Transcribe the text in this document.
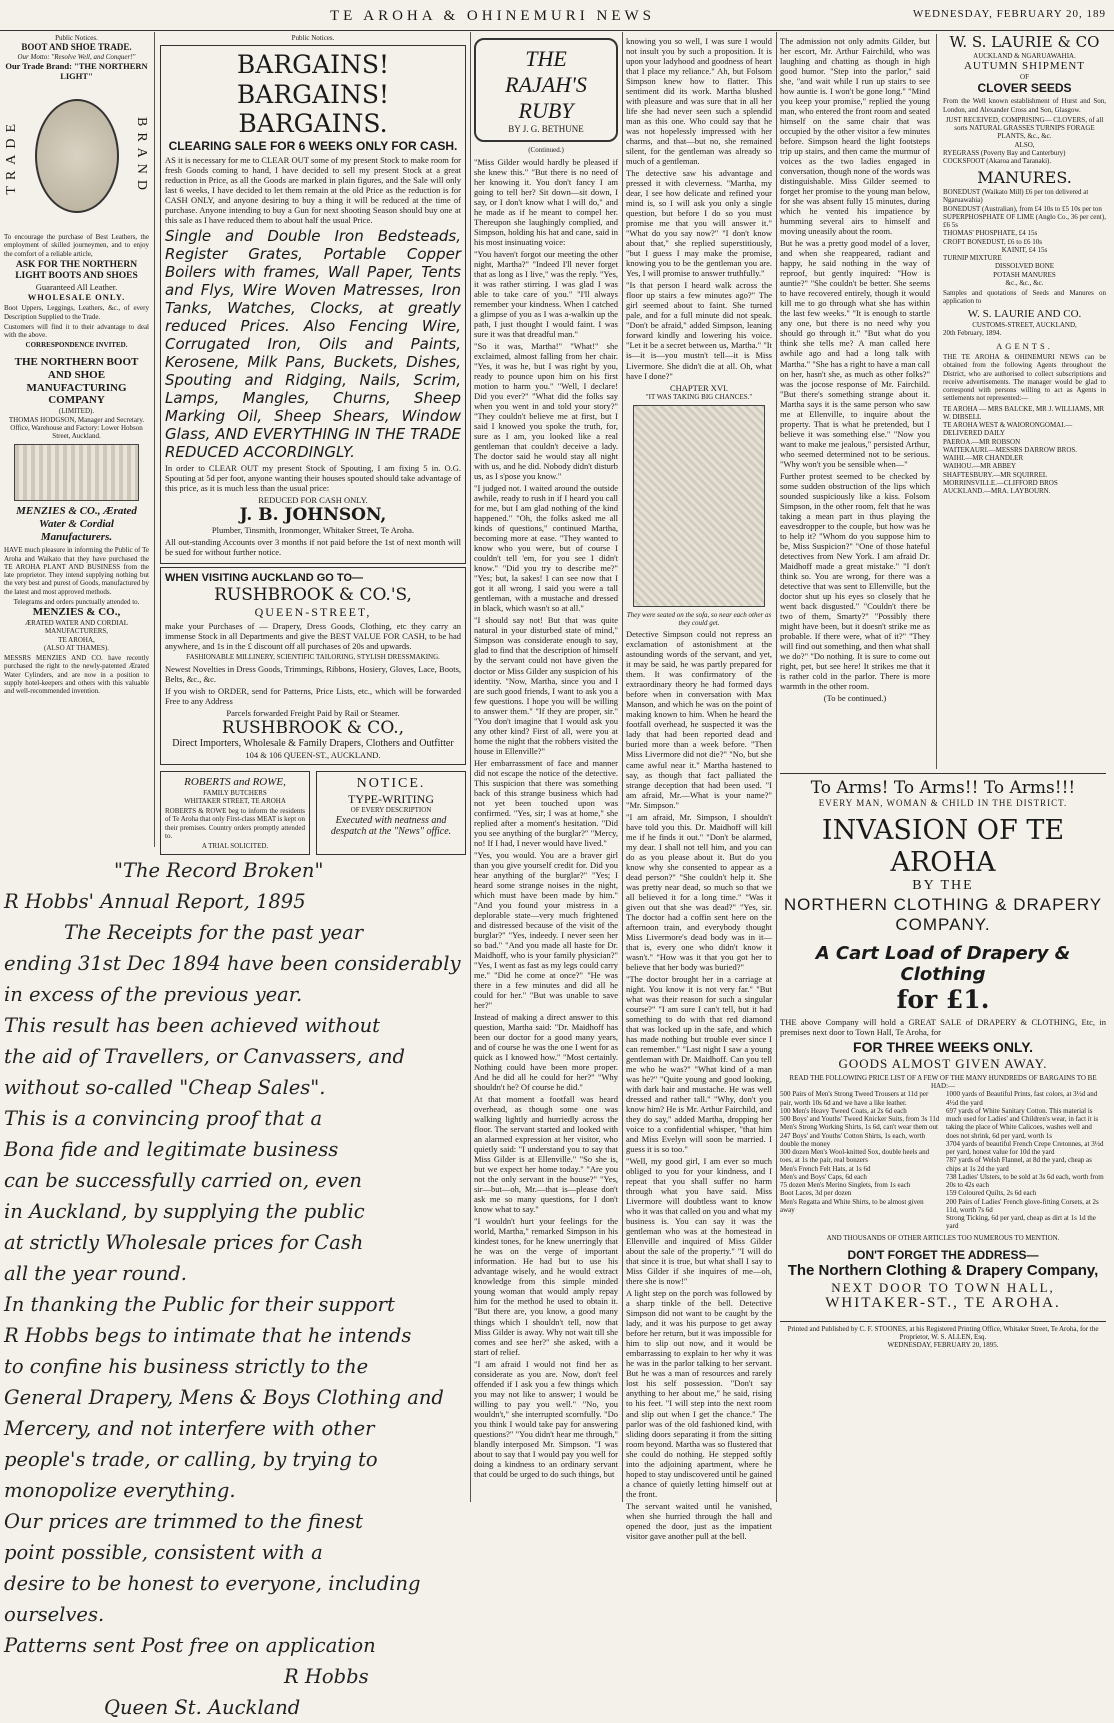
TE AROHA & OHINEMURI NEWS	WEDNESDAY, FEBRUARY 20, 189
Public Notices.
BOOT AND SHOE TRADE.
Our Motto: "Resolve Well, and Conquer!"
Our Trade Brand: "THE NORTHERN LIGHT"
TRADE	BRAND

To encourage the purchase of Best Leathers, the employment of skilled journeymen, and to enjoy the comfort of a reliable article,

ASK FOR THE NORTHERN LIGHT BOOTS AND SHOES
Guaranteed All Leather.
WHOLESALE ONLY.

Boot Uppers, Leggings, Leathers, &c., of every Description Supplied to the Trade.

Customers will find it to their advantage to deal with the above.

CORRESPONDENCE INVITED.
THE NORTHERN BOOT AND SHOE MANUFACTURING COMPANY
(LIMITED).
THOMAS HODGSON, Manager and Secretary.
Office, Warehouse and Factory: Lower Hobson Street, Auckland.
MENZIES & CO., Ærated Water & Cordial Manufacturers.

HAVE much pleasure in informing the Public of Te Aroha and Waikato that they have purchased the TE AROHA PLANT AND BUSINESS from the late proprietor. They intend supplying nothing but the very best and purest of Goods, manufactured by the latest and most approved methods.

Telegrams and orders punctually attended to.
MENZIES & CO.,
ÆRATED WATER AND CORDIAL MANUFACTURERS,
TE AROHA,
(ALSO AT THAMES).

MESSRS MENZIES AND CO. have recently purchased the right to the newly-patented Ærated Water Cylinders, and are now in a position to supply hotel-keepers and others with this valuable and well-recommended invention.

Public Notices.
BARGAINS! BARGAINS!
BARGAINS.
CLEARING SALE FOR 6 WEEKS ONLY FOR CASH.

AS it is necessary for me to CLEAR OUT some of my present Stock to make room for fresh Goods coming to hand, I have decided to sell my present Stock at a great reduction in Price, as all the Goods are marked in plain figures, and the Sale will only last 6 weeks, I have decided to let them remain at the old Price as the reduction is for CASH ONLY, and anyone desiring to buy a thing it will be reduced at the time of purchase. Anyone intending to buy a Gun for next shooting Season should buy one at this sale as I have reduced them to about half the usual Price.

Single and Double Iron Bedsteads, Register Grates, Portable Copper Boilers with frames, Wall Paper, Tents and Flys, Wire Woven Matresses, Iron Tanks, Watches, Clocks, at greatly reduced Prices. Also Fencing Wire, Corrugated Iron, Oils and Paints, Kerosene, Milk Pans, Buckets, Dishes, Spouting and Ridging, Nails, Scrim, Lamps, Mangles, Churns, Sheep Marking Oil, Sheep Shears, Window Glass, AND EVERYTHING IN THE TRADE REDUCED ACCORDINGLY.

In order to CLEAR OUT my present Stock of Spouting, I am fixing 5 in. O.G. Spouting at 5d per foot, anyone wanting their houses spouted should take advantage of this price, as it is much less than the usual price:

REDUCED FOR CASH ONLY.
J. B. JOHNSON,
Plumber, Tinsmith, Ironmonger, Whitaker Street, Te Aroha.

All out-standing Accounts over 3 months if not paid before the 1st of next month will be sued for without further notice.

WHEN VISITING AUCKLAND GO TO—
RUSHBROOK & CO.'S,
QUEEN-STREET,

make your Purchases of — Drapery, Dress Goods, Clothing, etc they carry an immense Stock in all Departments and give the BEST VALUE FOR CASH, to be had anywhere, and 1s in the £ discount off all purchases of 20s and upwards.

FASHIONABLE MILLINERY, SCIENTIFIC TAILORING, STYLISH DRESSMAKING.

Newest Novelties in Dress Goods, Trimmings, Ribbons, Hosiery, Gloves, Lace, Boots, Belts, &c., &c.

If you wish to ORDER, send for Patterns, Price Lists, etc., which will be forwarded Free to any Address

Parcels forwarded Freight Paid by Rail or Steamer.
RUSHBROOK & CO.,
Direct Importers, Wholesale & Family Drapers, Clothers and Outfitter
104 & 106 QUEEN-ST., AUCKLAND.
ROBERTS and ROWE,
FAMILY BUTCHERS
WHITAKER STREET, TE AROHA

ROBERTS & ROWE beg to inform the residents of Te Aroha that only First-class MEAT is kept on their premises. Country orders promptly attended to.

A TRIAL SOLICITED.
NOTICE.
TYPE-WRITING
OF EVERY DESCRIPTION
Executed with neatness and despatch at the "News" office.
"The Record Broken"
R Hobbs' Annual Report, 1895
The Receipts for the past year
ending 31st Dec 1894 have been considerably
in excess of the previous year.
This result has been achieved without
the aid of Travellers, or Canvassers, and
without so-called "Cheap Sales".
This is a convincing proof that a
Bona fide and legitimate business
can be successfully carried on, even
in Auckland, by supplying the public
at strictly Wholesale prices for Cash
all the year round.
In thanking the Public for their support
R Hobbs begs to intimate that he intends
to confine his business strictly to the
General Drapery, Mens & Boys Clothing and
Mercery, and not interfere with other
people's trade, or calling, by trying to
monopolize everything.
Our prices are trimmed to the finest
point possible, consistent with a
desire to be honest to everyone, including
ourselves.
Patterns sent Post free on application
R Hobbs
Queen St. Auckland
THE RAJAH'S RUBY
BY J. G. BETHUNE
(Continued.)

"Miss Gilder would hardly be pleased if she knew this." "But there is no need of her knowing it. You don't fancy I am going to tell her? Sit down—sit down, I say, or I don't know what I will do," and he made as if he meant to compel her. Thereupon she laughingly complied, and Simpson, holding his hat and cane, said in his most insinuating voice:

"You haven't forgot our meeting the other night, Martha?" "Indeed I'll never forget that as long as I live," was the reply. "Yes, it was rather stirring. I was glad I was able to take care of you." "I'll always remember your kindness. When I catched a glimpse of you as I was a-walkin up the path, I just thought I would faint. I was sure it was that dreadful man."

"So it was, Martha!" "What!" she exclaimed, almost falling from her chair. "Yes, it was he, but I was right by you, ready to pounce upon him on his first motion to harm you." "Well, I declare! Did you ever?" "What did the folks say when you went in and told your story?" "They couldn't believe me at first, but I said I knowed you spoke the truth, for, sure as I am, you looked like a real gentleman that couldn't deceive a lady. The doctor said he would stay all night with us, and he did. Nobody didn't disturb us, as I s'pose you know."

"I judged not. I waited around the outside awhile, ready to rush in if I heard you call for me, but I am glad nothing of the kind happened." "Oh, the folks asked me all kinds of questions," continued Martha, becoming more at ease. "They wanted to know who you were, but of course I couldn't tell 'em, for you see I didn't know." "Did you try to describe me?" "Yes; but, la sakes! I can see now that I got it all wrong. I said you were a tall gentleman, with a mustache and dressed in black, which wasn't so at all."

"I should say not! But that was quite natural in your disturbed state of mind," Simpson was considerate enough to say, glad to find that the description of himself by the servant could not have given the doctor or Miss Gilder any suspicion of his identity. "Now, Martha, since you and I are such good friends, I want to ask you a few questions. I hope you will be willing to answer them." "If they are proper, sir." "You don't imagine that I would ask you any other kind? First of all, were you at home the night that the robbers visited the house in Ellenville?"

Her embarrassment of face and manner did not escape the notice of the detective. This suspicion that there was something back of this strange business which had not yet been touched upon was confirmed. "Yes, sir; I was at home," she replied after a moment's hesitation. "Did you see anything of the burglar?" "Mercy, no! If I had, I never would have lived."

"Yes, you would. You are a braver girl than you give yourself credit for. Did you hear anything of the burglar?" "Yes; I heard some strange noises in the night, which must have been made by him." "And you found your mistress in a deplorable state—very much frightened and distressed because of the visit of the burglar?" "Yes, indeedy. I never seen her so bad." "And you made all haste for Dr. Maidhoff, who is your family physician?" "Yes, I went as fast as my legs could carry me." "Did he come at once?" "He was there in a few minutes and did all he could for her." "But was unable to save her?"

Instead of making a direct answer to this question, Martha said: "Dr. Maidhoff has been our doctor for a good many years, and of course he was the one I went for as quick as I knowed how." "Most certainly. Nothing could have been more proper. And he did all he could for her?" "Why shouldn't he? Of course he did."

At that moment a footfall was heard overhead, as though some one was walking lightly and hurriedly across the floor. The servant started and looked with an alarmed expression at her visitor, who quietly said: "I understand you to say that Miss Gilder is at Ellenville." "So she is, but we expect her home today." "Are you not the only servant in the house?" "Yes, sir—but—oh, Mr.—that is—please don't ask me so many questions, for I don't know what to say."

"I wouldn't hurt your feelings for the world, Martha," remarked Simpson in his kindest tones, for he knew unerringly that he was on the verge of important information. He had but to use his advantage wisely, and he would extract knowledge from this simple minded young woman that would amply repay him for the method he used to obtain it. "But there are, you know, a good many things which I shouldn't tell, now that Miss Gilder is away. Why not wait till she comes and see her?" she asked, with a start of relief.

"I am afraid I would not find her as considerate as you are. Now, don't feel offended if I ask you a few things which you may not like to answer; I would be willing to pay you well." "No, you wouldn't," she interrupted scornfully. "Do you think I would take pay for answering questions?" "You didn't hear me through," blandly interposed Mr. Simpson. "I was about to say that I would pay you well for doing a kindness to an ordinary servant that could be urged to do such things, but

knowing you so well, I was sure I would not insult you by such a proposition. It is upon your ladyhood and goodness of heart that I place my reliance." Ah, but Folsom Simpson knew how to flatter. This sentiment did its work. Martha blushed with pleasure and was sure that in all her life she had never seen such a splendid man as this one. Who could say that he was not hopelessly impressed with her charms, and that—but no, she remained silent, for the gentleman was already so much of a gentleman.

The detective saw his advantage and pressed it with cleverness. "Martha, my dear, I see how delicate and refined your mind is, so I will ask you only a single question, but before I do so you must promise me that you will answer it." "What do you say now?" "I don't know about that," she replied superstitiously, "but I guess I may make the promise, knowing you to be the gentleman you are. Yes, I will promise to answer truthfully."

"Is that person I heard walk across the floor up stairs a few minutes ago?" The girl seemed about to faint. She turned pale, and for a full minute did not speak. "Don't be afraid," added Simpson, leaning forward kindly and lowering his voice. "Let it be a secret between us, Martha." "It is—it is—you mustn't tell—it is Miss Livermore. She didn't die at all. Oh, what have I done?"

CHAPTER XVI.
"IT WAS TAKING BIG CHANCES."
They were seated on the sofa, so near each other as they could get.

Detective Simpson could not repress an exclamation of astonishment at the astounding words of the servant, and yet, it may be said, he was partly prepared for them. It was confirmatory of the extraordinary theory he had formed days before when in conversation with Max Manson, and which he was on the point of making known to him. When he heard the footfall overhead, he suspected it was the lady that had been reported dead and buried more than a week before. "Then Miss Livermore did not die?" "No, but she came awful near it." Martha hastened to say, as though that fact palliated the strange deception that had been used. "I am afraid, Mr.—What is your name?" "Mr. Simpson."

"I am afraid, Mr. Simpson, I shouldn't have told you this. Dr. Maidhoff will kill me if he finds it out." "Don't be alarmed, my dear. I shall not tell him, and you can do as you please about it. But do you know why she consented to appear as a dead person?" "She couldn't help it. She was pretty near dead, so much so that we all believed it for a long time." "Was it given out that she was dead?" "Yes, sir. The doctor had a coffin sent here on the afternoon train, and everybody thought Miss Livermore's dead body was in it—that is, every one who didn't know it wasn't." "How was it that you got her to believe that her body was buried?"

"The doctor brought her in a carriage at night. You know it is not very far." "But what was their reason for such a singular course?" "I am sure I can't tell, but it had something to do with that red diamond that was locked up in the safe, and which has made nothing but trouble ever since I can remember." "Last night I saw a young gentleman with Dr. Maidhoff. Can you tell me who he was?" "What kind of a man was he?" "Quite young and good looking, with dark hair and mustache. He was well dressed and rather tall." "Why, don't you know him? He is Mr. Arthur Fairchild, and they do say," added Martha, dropping her voice to a confidential whisper, "that him and Miss Evelyn will soon be married. I guess it is so too."

"Well, my good girl, I am ever so much obliged to you for your kindness, and I repeat that you shall suffer no harm through what you have said. Miss Livermore will doubtless want to know who it was that called on you and what my business is. You can say it was the gentleman who was at the homestead in Ellenville and inquired of Miss Gilder about the sale of the property." "I will do that since it is true, but what shall I say to Miss Gilder if she inquires of me—oh, there she is now!"

A light step on the porch was followed by a sharp tinkle of the bell. Detective Simpson did not want to be caught by the lady, and it was his purpose to get away before her return, but it was impossible for him to slip out now, and it would be embarrassing to explain to her why it was he was in the parlor talking to her servant. But he was a man of resources and rarely lost his self possession. "Don't say anything to her about me," he said, rising to his feet. "I will step into the next room and slip out when I get the chance." The parlor was of the old fashioned kind, with sliding doors separating it from the sitting room beyond. Martha was so flustered that she could do nothing. He stepped softly into the adjoining apartment, where he hoped to stay undiscovered until he gained a chance of quietly letting himself out at the front.

The servant waited until he vanished, when she hurried through the hall and opened the door, just as the impatient visitor gave another pull at the bell.

The admission not only admits Gilder, but her escort, Mr. Arthur Fairchild, who was laughing and chatting as though in high good humor. "Step into the parlor," said she, "and wait while I run up stairs to see how auntie is. I won't be gone long." "Mind you keep your promise," replied the young man, who entered the front room and seated himself on the same chair that was occupied by the other visitor a few minutes before. Simpson heard the light footsteps trip up stairs, and then came the murmur of voices as the two ladies engaged in conversation, though none of the words was distinguishable. Miss Gilder seemed to forget her promise to the young man below, for she was absent fully 15 minutes, during which he vented his impatience by humming several airs to himself and moving uneasily about the room.

But he was a pretty good model of a lover, and when she reappeared, radiant and happy, he said nothing in the way of reproof, but gently inquired: "How is auntie?" "She couldn't be better. She seems to have recovered entirely, though it would kill me to go through what she has within the last few weeks." "It is enough to startle any one, but there is no need why you should go through it." "But what do you think she tells me? A man called here awhile ago and had a long talk with Martha." "She has a right to have a man call on her, hasn't she, as much as other folks?" was the jocose response of Mr. Fairchild. "But there's something strange about it. Martha says it is the same person who saw me at Ellenville, to inquire about the property. That is what he pretended, but I believe it was something else." "Now you want to make me jealous," persisted Arthur, who seemed determined not to be serious. "Why won't you be sensible when—"

Further protest seemed to be checked by some sudden obstruction of the lips which sounded suspiciously like a kiss. Folsom Simpson, in the other room, felt that he was taking a mean part in thus playing the eavesdropper to the couple, but how was he to help it? "Whom do you suppose him to be, Miss Suspicion?" "One of those hateful detectives from New York. I am afraid Dr. Maidhoff made a great mistake." "I don't think so. You are wrong, for there was a detective that was sent to Ellenville, but the doctor shut up his eyes so closely that he went back disgusted." "Couldn't there be two of them, Smarty?" "Possibly there might have been, but it doesn't strike me as probable. If there were, what of it?" "They will find out something, and then what shall we do?" "Do nothing. It is sure to come out right, pet, but see here! It strikes me that it is rather cold in the parlor. There is more warmth in the other room.

(To be continued.)
W. S. LAURIE & CO
AUCKLAND & NGARUAWAHIA.
AUTUMN SHIPMENT
OF
CLOVER SEEDS

From the Well known establishment of Hurst and Son, London, and Alexander Cross and Son, Glasgow.

JUST RECEIVED, COMPRISING— CLOVERS, of all sorts NATURAL GRASSES TURNIPS FORAGE PLANTS, &c., &c.
ALSO,
RYEGRASS (Poverty Bay and Canterbury)
COCKSFOOT (Akaroa and Taranaki).
MANURES.
BONEDUST (Waikato Mill) £6 per ton delivered at Ngaruawahia)
BONEDUST (Australian), from £4 10s to £5 10s per ton
SUPERPHOSPHATE OF LIME (Anglo Co., 36 per cent), £6 5s
THOMAS' PHOSPHATE, £4 15s
CROFT BONEDUST, £6 to £6 10s
KAINIT, £4 15s
TURNIP MIXTURE
DISSOLVED BONE
POTASH MANURES
&c., &c., &c.

Samples and quotations of Seeds and Manures on application to

W. S. LAURIE AND CO.
CUSTOMS-STREET, AUCKLAND,
20th February, 1894.
AGENTS.

THE TE AROHA & OHINEMURI NEWS can be obtained from the following Agents throughout the District, who are authorised to collect subscriptions and receive advertisements. The manager would be glad to correspond with persons willing to act as Agents in settlements not represented:—

TE AROHA — MRS BALCKE, MR J. WILLIAMS, MR W. DIBSELL
TE AROHA WEST & WAIORONGOMAI.—DELIVERED DAILY
PAEROA.—MR ROBSON
WAITEKAURI.—MESSRS DARROW BROS.
WAIHI.—MR CHANDLER
WAIHOU.—MR ABBEY
SHAFTESBURY.—MR SQUIRREL
MORRINSVILLE.—CLIFFORD BROS
AUCKLAND.—MRA. LAYBOURN.
To Arms! To Arms!! To Arms!!!
EVERY MAN, WOMAN & CHILD IN THE DISTRICT.
INVASION OF TE AROHA
BY THE
NORTHERN CLOTHING & DRAPERY COMPANY.
A Cart Load of Drapery & Clothing
for £1.

THE above Company will hold a GREAT SALE of DRAPERY & CLOTHING, Etc, in premises next door to Town Hall, Te Aroha, for

FOR THREE WEEKS ONLY.
GOODS ALMOST GIVEN AWAY.
READ THE FOLLOWING PRICE LIST OF A FEW OF THE MANY HUNDREDS OF BARGAINS TO BE HAD:—
500 Pairs of Men's Strong Tweed Trousers at 11d per pair, worth 10s 6d and we have a like leather.
100 Men's Heavy Tweed Coats, at 2s 6d each
500 Boys' and Youths' Tweed Knicker Suits, from 3s 11d
Men's Strong Working Shirts, 1s 6d, can't wear them out
247 Boys' and Youths' Cotton Shirts, 1s each, worth double the money
300 dozen Men's Wool-knitted Sox, double heels and toes, at 1s the pair, real bonzers
Men's French Felt Hats, at 1s 6d
Men's and Boys' Caps, 6d each
75 dozen Men's Merino Singlets, from 1s each
Boot Laces, 3d per dozen
Men's Regatta and White Shirts, to be almost given away
1000 yards of Beautiful Prints, fast colors, at 3½d and 4½d the yard
697 yards of White Sanitary Cotton. This material is much used for Ladies' and Children's wear, in fact it is taking the place of White Calicoes, washes well and does not shrink, 6d per yard, worth 1s
3704 yards of beautiful French Crepe Cretonnes, at 3½d per yard, honest value for 10d the yard
787 yards of Welsh Flannel, at 8d the yard, cheap as chips at 1s 2d the yard
738 Ladies' Ulsters, to be sold at 3s 6d each, worth from 20s to 42s each
159 Coloured Quilts, 2s 6d each
200 Pairs of Ladies' French glove-fitting Corsets, at 2s 11d, worth 7s 6d
Strong Ticking, 6d per yard, cheap as dirt at 1s 1d the yard
AND THOUSANDS OF OTHER ARTICLES TOO NUMEROUS TO MENTION.
DON'T FORGET THE ADDRESS—
The Northern Clothing & Drapery Company,
NEXT DOOR TO TOWN HALL,
WHITAKER-ST., TE AROHA.
Printed and Published by C. F. STOONES, at his Registered Printing Office, Whitaker Street, Te Aroha, for the Proprietor, W. S. ALLEN, Esq.
WEDNESDAY, FEBRUARY 20, 1895.
